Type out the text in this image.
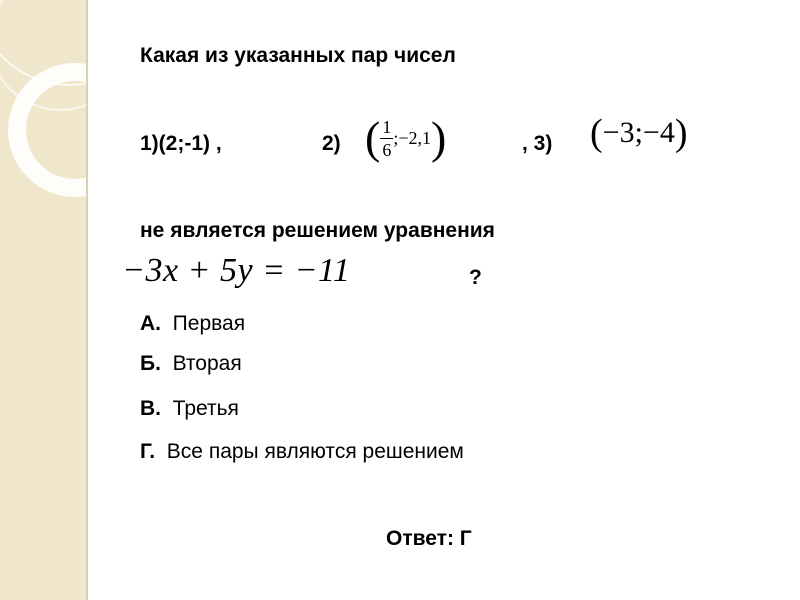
Какая из указанных пар чисел
1)(2;-1) ,	2) ( $\frac{1}{6}$ ;−2,1 )	, 3) ( −3;−4 )
не является решением уравнения
−3x + 5y = −11	?
А. Первая
Б. Вторая
В. Третья
Г. Все пары являются решением
Ответ: Г
